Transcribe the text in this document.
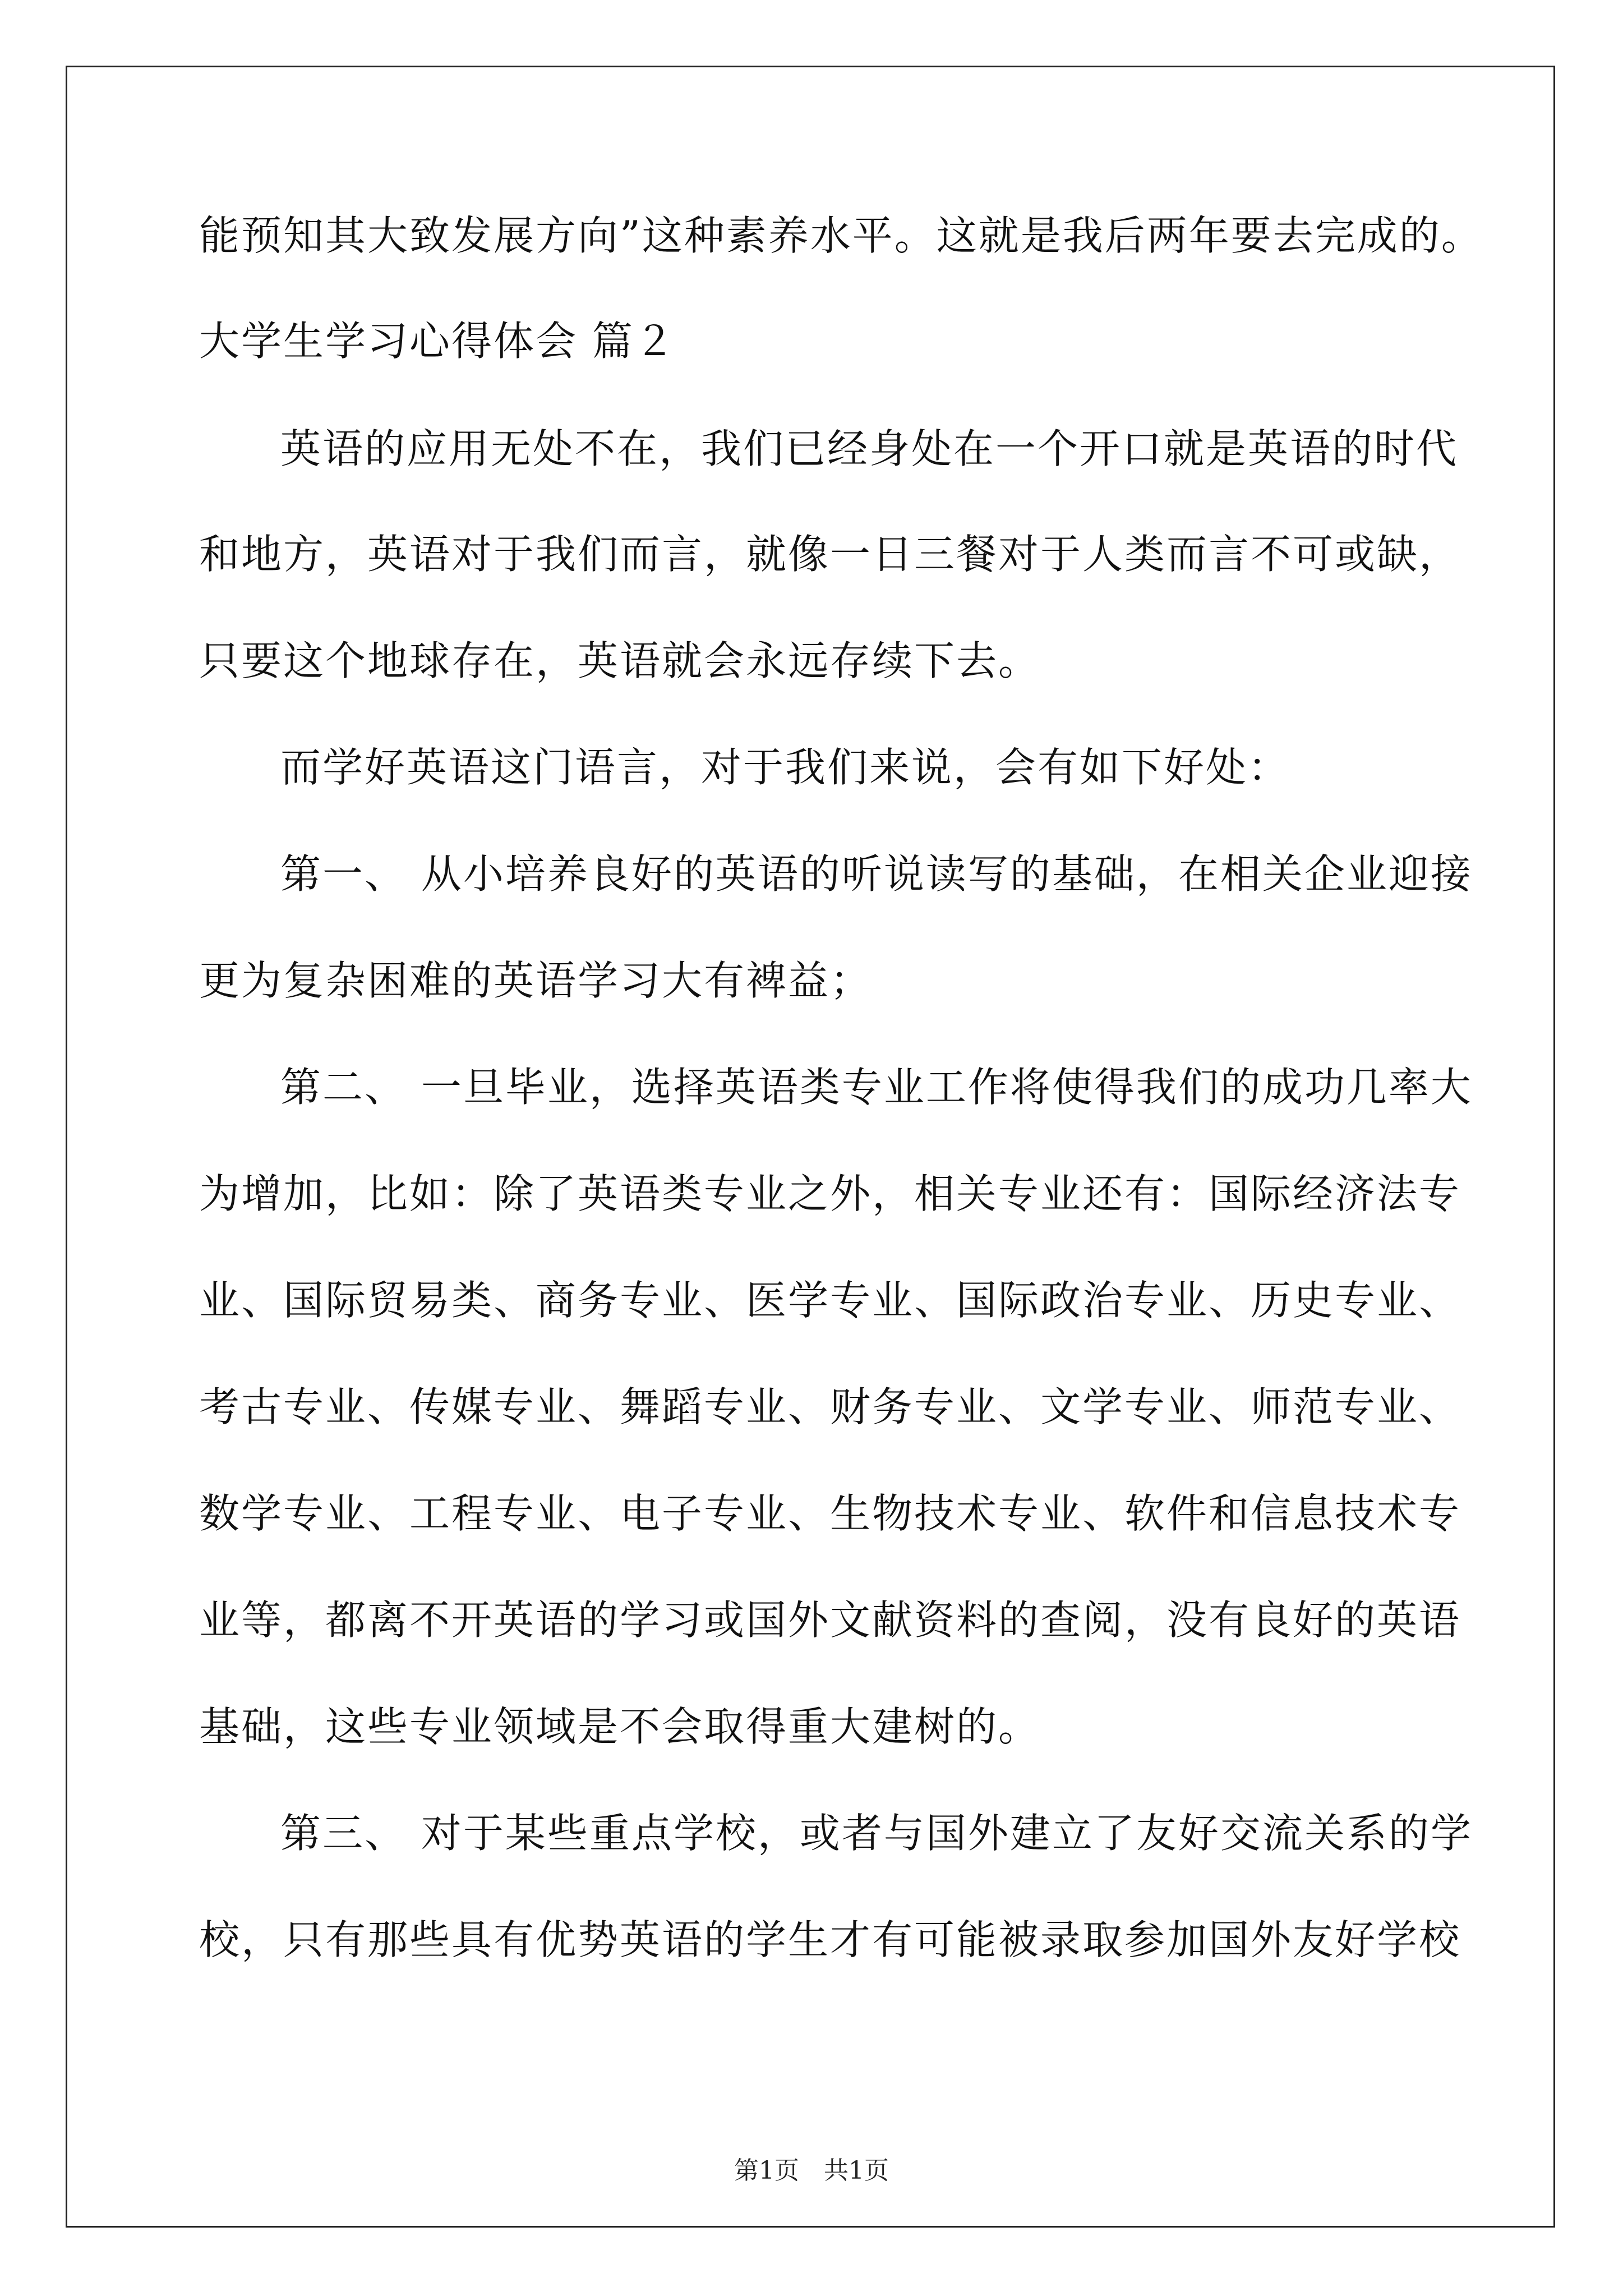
能预知其大致发展方向”这种素养水平。这就是我后两年要去完成的。
大学生学习心得体会 篇２
英语的应用无处不在，我们已经身处在一个开口就是英语的时代
和地方，英语对于我们而言，就像一日三餐对于人类而言不可或缺，
只要这个地球存在，英语就会永远存续下去。
而学好英语这门语言，对于我们来说，会有如下好处：
第一、 从小培养良好的英语的听说读写的基础，在相关企业迎接
更为复杂困难的英语学习大有裨益；
第二、 一旦毕业，选择英语类专业工作将使得我们的成功几率大
为增加，比如：除了英语类专业之外，相关专业还有：国际经济法专
业、国际贸易类、商务专业、医学专业、国际政治专业、历史专业、
考古专业、传媒专业、舞蹈专业、财务专业、文学专业、师范专业、
数学专业、工程专业、电子专业、生物技术专业、软件和信息技术专
业等，都离不开英语的学习或国外文献资料的查阅，没有良好的英语
基础，这些专业领域是不会取得重大建树的。
第三、 对于某些重点学校，或者与国外建立了友好交流关系的学
校，只有那些具有优势英语的学生才有可能被录取参加国外友好学校
第1页　共1页
